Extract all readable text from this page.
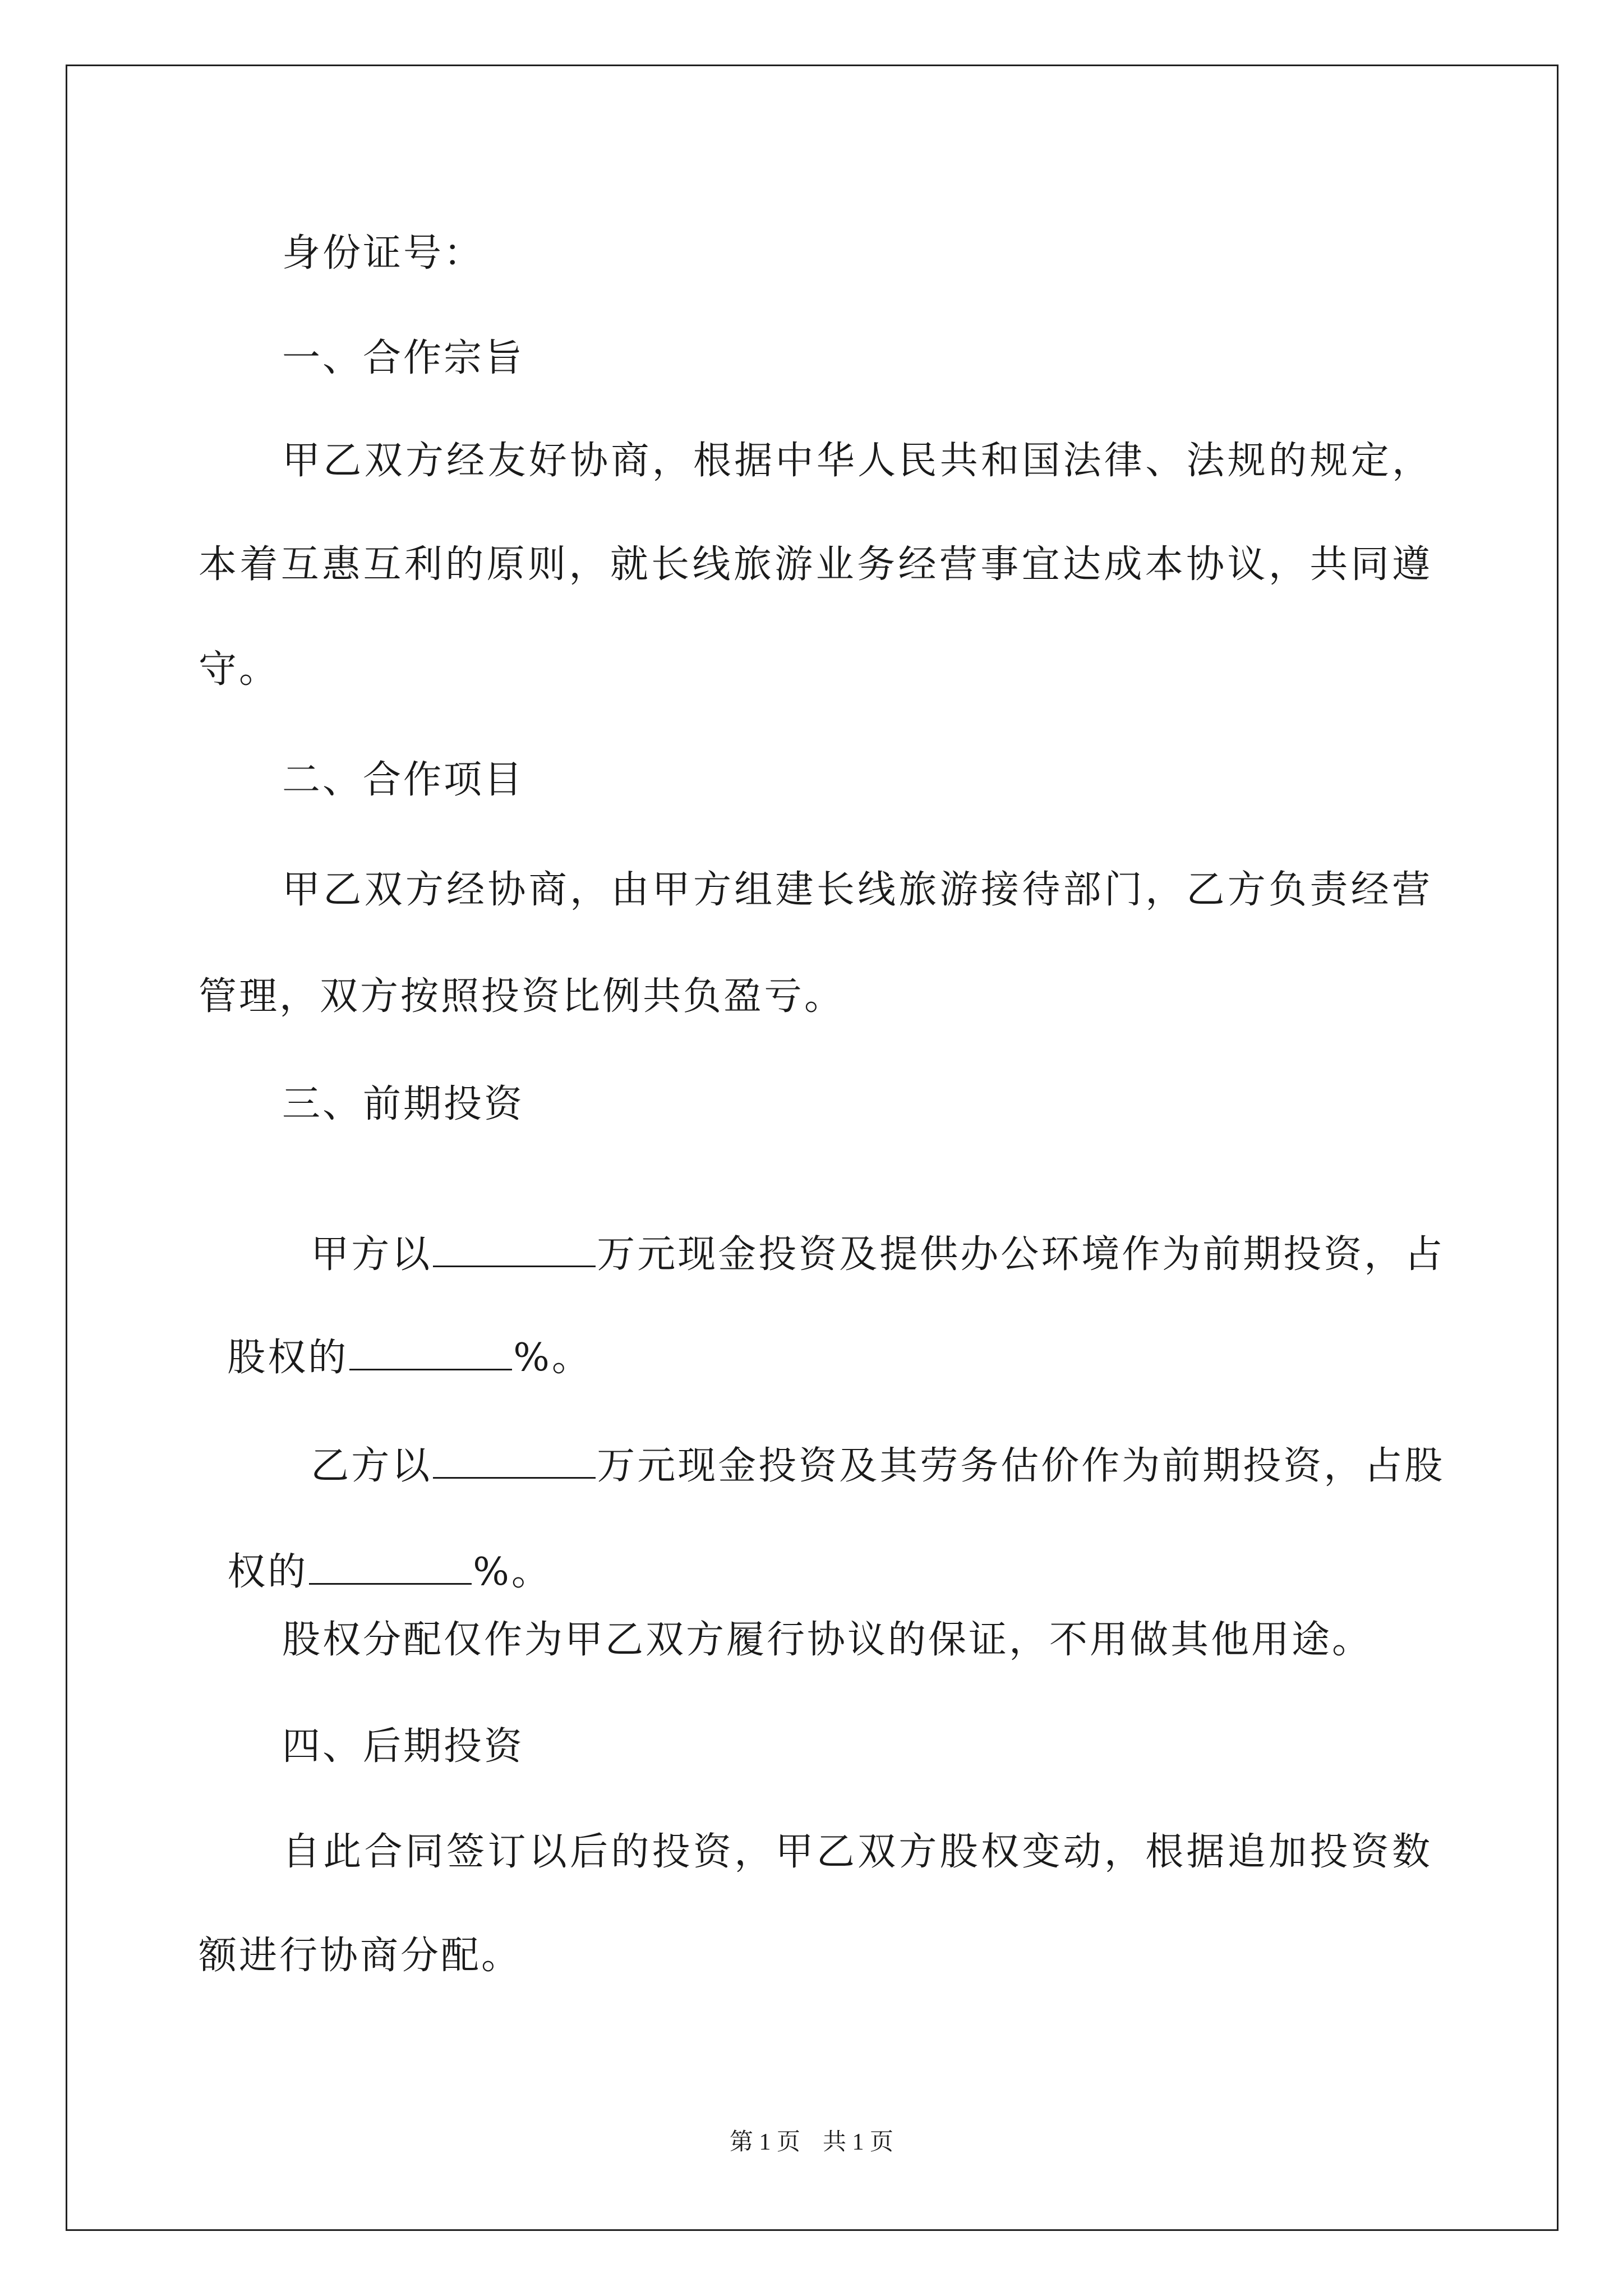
身份证号：
一、合作宗旨
甲乙双方经友好协商，根据中华人民共和国法律、法规的规定，
本着互惠互利的原则，就长线旅游业务经营事宜达成本协议，共同遵
守。
二、合作项目
甲乙双方经协商，由甲方组建长线旅游接待部门，乙方负责经营
管理，双方按照投资比例共负盈亏。
三、前期投资

甲方以	万元现金投资及提供办公环境作为前期投资，占

股权的	%。

乙方以	万元现金投资及其劳务估价作为前期投资，占股

权的	%。

股权分配仅作为甲乙双方履行协议的保证，不用做其他用途。
四、后期投资
自此合同签订以后的投资，甲乙双方股权变动，根据追加投资数
额进行协商分配。
第 1 页 共 1 页
